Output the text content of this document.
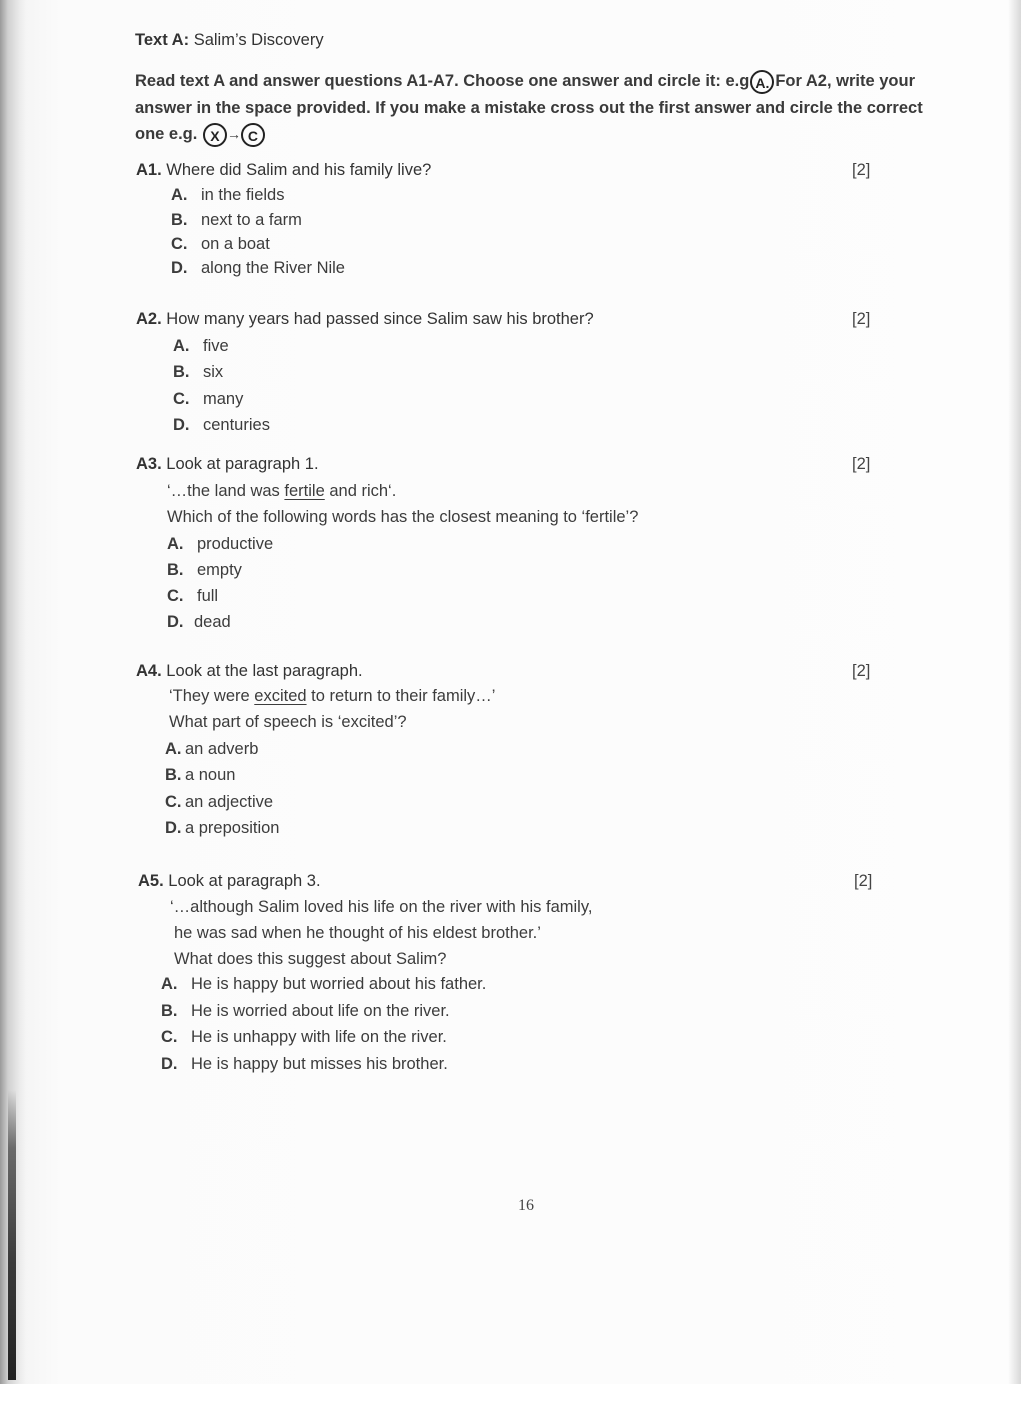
Text A: Salim’s Discovery
Read text A and answer questions A1-A7. Choose one answer and circle it: e.g A. For A2, write your answer in the space provided. If you make a mistake cross out the first answer and circle the correct one e.g. X → C
A1. Where did Salim and his family live?	[2]
A. in the fields
B. next to a farm
C. on a boat
D. along the River Nile
A2. How many years had passed since Salim saw his brother?	[2]
A. five
B. six
C. many
D. centuries
A3. Look at paragraph 1.	[2]
‘…the land was fertile and rich‘.
Which of the following words has the closest meaning to ‘fertile’?
A. productive
B. empty
C. full
D. dead
A4. Look at the last paragraph.	[2]
‘They were excited to return to their family…’
What part of speech is ‘excited’?
A. an adverb
B. a noun
C. an adjective
D. a preposition
A5. Look at paragraph 3.	[2]
‘…although Salim loved his life on the river with his family,
he was sad when he thought of his eldest brother.’
What does this suggest about Salim?
A. He is happy but worried about his father.
B. He is worried about life on the river.
C. He is unhappy with life on the river.
D. He is happy but misses his brother.
16
